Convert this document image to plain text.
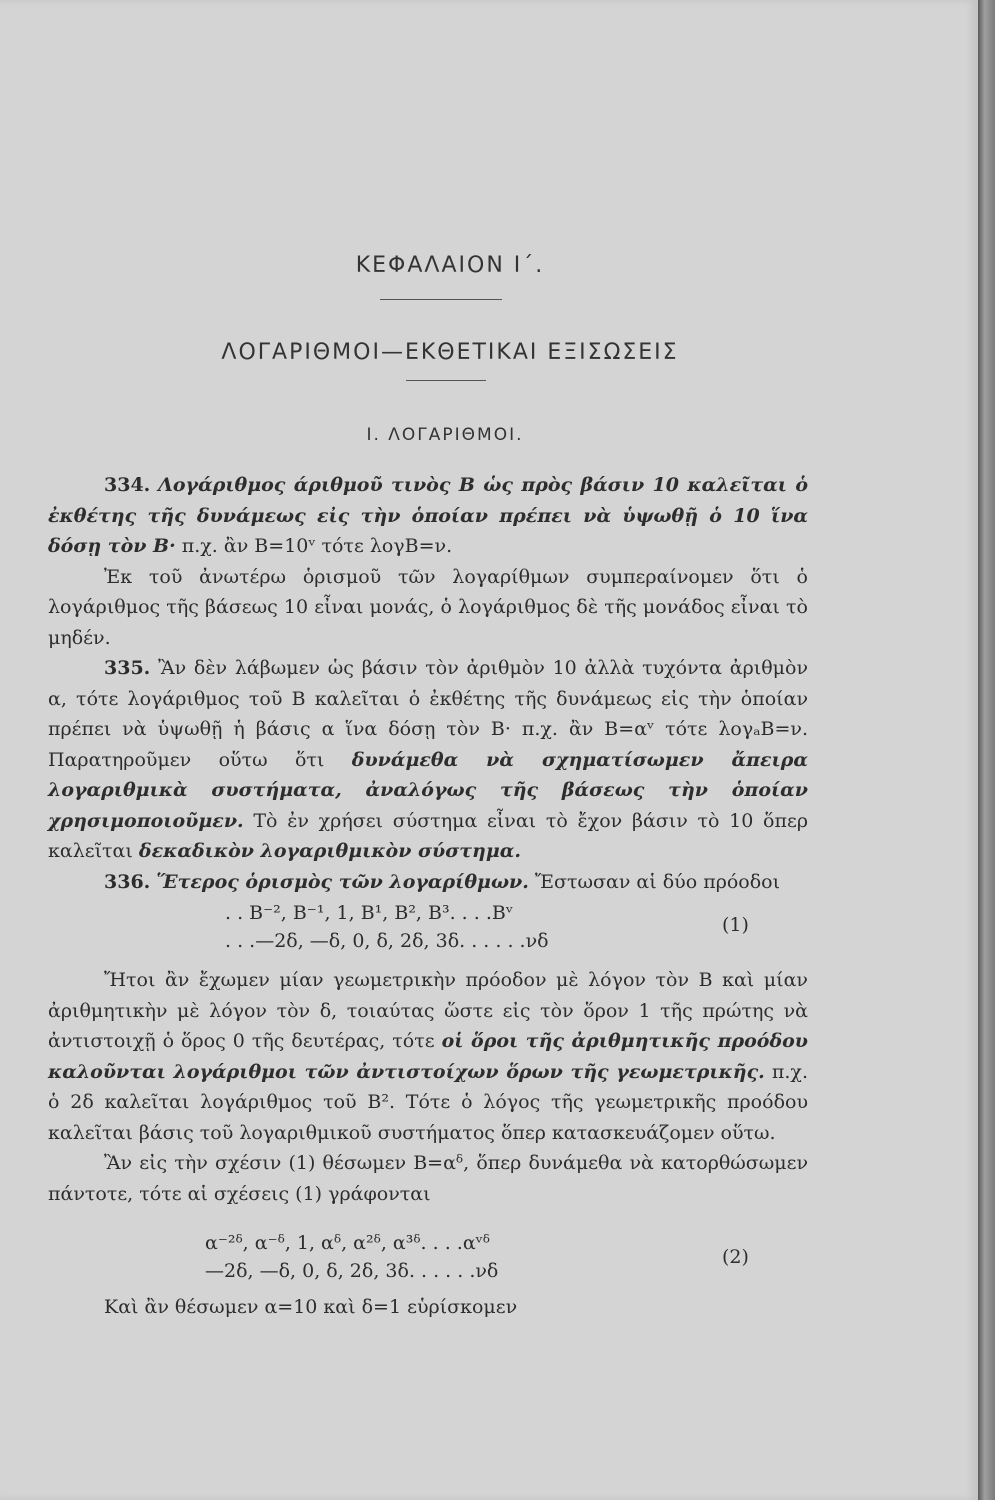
ΚΕΦΑΛΑΙΟΝ Ι΄.
ΛΟΓΑΡΙΘΜΟΙ—ΕΚΘΕΤΙΚΑΙ ΕΞΙΣΩΣΕΙΣ
Ι. ΛΟΓΑΡΙΘΜΟΙ.

334. Λογάριθμος άριθμοῦ τινὸς Β ὡς πρὸς βάσιν 10 καλεῖται ὁ ἐκθέτης τῆς δυνάμεως εἰς τὴν ὁποίαν πρέπει νὰ ὑψωθῇ ὁ 10 ἵνα δόσῃ τὸν Β· π.χ. ἂν Β=10ᵛ τότε λογΒ=ν.

Ἐκ τοῦ ἀνωτέρω ὁρισμοῦ τῶν λογαρίθμων συμπεραίνομεν ὅτι ὁ λογάριθμος τῆς βάσεως 10 εἶναι μονάς, ὁ λογάριθμος δὲ τῆς μονάδος εἶναι τὸ μηδέν.

335. Ἂν δὲν λάβωμεν ὡς βάσιν τὸν ἀριθμὸν 10 ἀλλὰ τυχόντα ἀριθμὸν α, τότε λογάριθμος τοῦ Β καλεῖται ὁ ἐκθέτης τῆς δυνάμεως εἰς τὴν ὁποίαν πρέπει νὰ ὑψωθῇ ἡ βάσις α ἵνα δόσῃ τὸν Β· π.χ. ἂν Β=αᵛ τότε λογₐΒ=ν. Παρατηροῦμεν οὕτω ὅτι δυνάμεθα νὰ σχηματίσωμεν ἄπειρα λογαριθμικὰ συστήματα, ἀναλόγως τῆς βάσεως τὴν ὁποίαν χρησιμοποιοῦμεν. Τὸ ἐν χρήσει σύστημα εἶναι τὸ ἔχον βάσιν τὸ 10 ὅπερ καλεῖται δεκαδικὸν λογαριθμικὸν σύστημα.

336. Ἕτερος ὁρισμὸς τῶν λογαρίθμων. Ἔστωσαν αἱ δύο πρόοδοι

. . Β⁻², Β⁻¹, 1, Β¹, Β², Β³. . . .Βᵛ
. . .—2δ, —δ, 0, δ, 2δ, 3δ. . . . . .νδ
(1)

Ἤτοι ἂν ἔχωμεν μίαν γεωμετρικὴν πρόοδον μὲ λόγον τὸν Β καὶ μίαν ἀριθμητικὴν μὲ λόγον τὸν δ, τοιαύτας ὥστε εἰς τὸν ὅρον 1 τῆς πρώτης νὰ ἀντιστοιχῇ ὁ ὅρος 0 τῆς δευτέρας, τότε οἱ ὅροι τῆς ἀριθμητικῆς προόδου καλοῦνται λογάριθμοι τῶν ἀντιστοίχων ὅρων τῆς γεωμετρικῆς. π.χ. ὁ 2δ καλεῖται λογάριθμος τοῦ Β². Τότε ὁ λόγος τῆς γεωμετρικῆς προόδου καλεῖται βάσις τοῦ λογαριθμικοῦ συστήματος ὅπερ κατασκευάζομεν οὕτω.

Ἂν εἰς τὴν σχέσιν (1) θέσωμεν Β=αᵟ, ὅπερ δυνάμεθα νὰ κατορθώσωμεν πάντοτε, τότε αἱ σχέσεις (1) γράφονται

α⁻²ᵟ, α⁻ᵟ, 1, αᵟ, α²ᵟ, α³ᵟ. . . .αᵛᵟ
—2δ, —δ, 0, δ, 2δ, 3δ. . . . . .νδ
(2)

Καὶ ἂν θέσωμεν α=10 καὶ δ=1 εὑρίσκομεν
